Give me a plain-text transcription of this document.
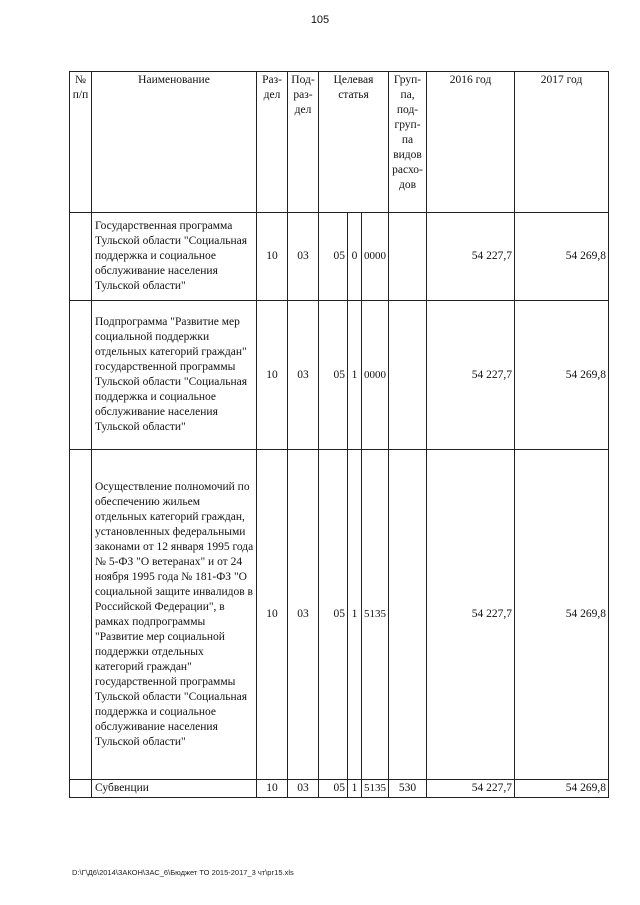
105
№ п/п	Наименование	Раз-дел	Под-раз-дел	Целевая статья			Груп-па, под-груп-па видов расхо-дов	2016 год	2017 год
	Государственная программа Тульской области "Социальная поддержка и социальное обслуживание населения Тульской области"	10	03	05	0	0000		54 227,7	54 269,8
	Подпрограмма "Развитие мер социальной поддержки отдельных категорий граждан" государственной программы Тульской области "Социальная поддержка и социальное обслуживание населения Тульской области"	10	03	05	1	0000		54 227,7	54 269,8
	Осуществление полномочий по обеспечению жильем отдельных категорий граждан, установленных федеральными законами от 12 января 1995 года № 5-ФЗ "О ветеранах" и от 24 ноября 1995 года № 181-ФЗ "О социальной защите инвалидов в Российской Федерации", в рамках подпрограммы "Развитие мер социальной поддержки отдельных категорий граждан" государственной программы Тульской области "Социальная поддержка и социальное обслуживание населения Тульской области"	10	03	05	1	5135		54 227,7	54 269,8
	Субвенции	10	03	05	1	5135	530	54 227,7	54 269,8
D:\Г\Д6\2014\ЗАКОН\ЗАС_6\Бюджет ТО 2015-2017_3 чт\рг15.xls
